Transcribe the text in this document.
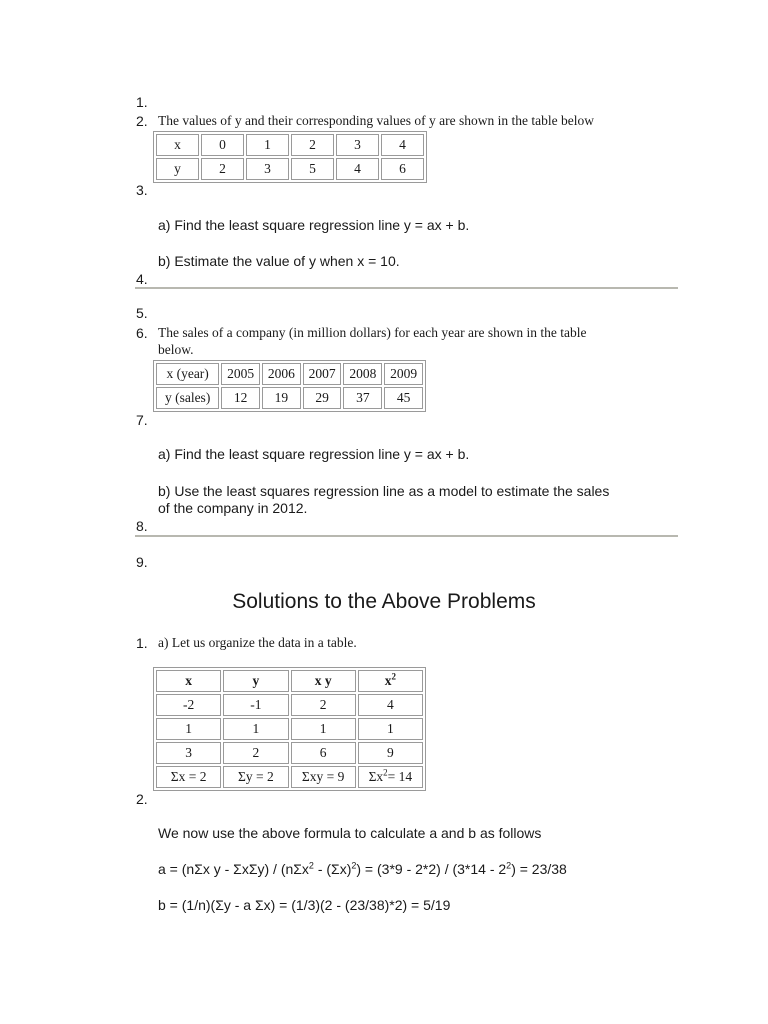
1.
2.
3.
4.
5.
6.
7.
8.
9.
The values of y and their corresponding values of y are shown in the table below
x	0	1	2	3	4
y	2	3	5	4	6
a) Find the least square regression line y = ax + b.
b) Estimate the value of y when x = 10.
The sales of a company (in million dollars) for each year are shown in the table
below.
x (year)	2005	2006	2007	2008	2009
y (sales)	12	19	29	37	45
a) Find the least square regression line y = ax + b.
b) Use the least squares regression line as a model to estimate the sales
of the company in 2012.
Solutions to the Above Problems
1. a) Let us organize the data in a table.
x	y	x y	$x^2$
-2	-1	2	4
1	1	1	1
3	2	6	9
Σx = 2	Σy = 2	Σxy = 9	$\Sigma x^2= 14$
2.
We now use the above formula to calculate a and b as follows
a = (nΣx $y - \Sigma x\Sigma y) / (n\Sigma x^2 - (\Sigma x)^2) = (3*9 - 2*2) / (3*14 - 2^2) = 23/38$
b = (1/n)(Σy - a Σx) = (1/3)(2 - (23/38)*2) = 5/19
